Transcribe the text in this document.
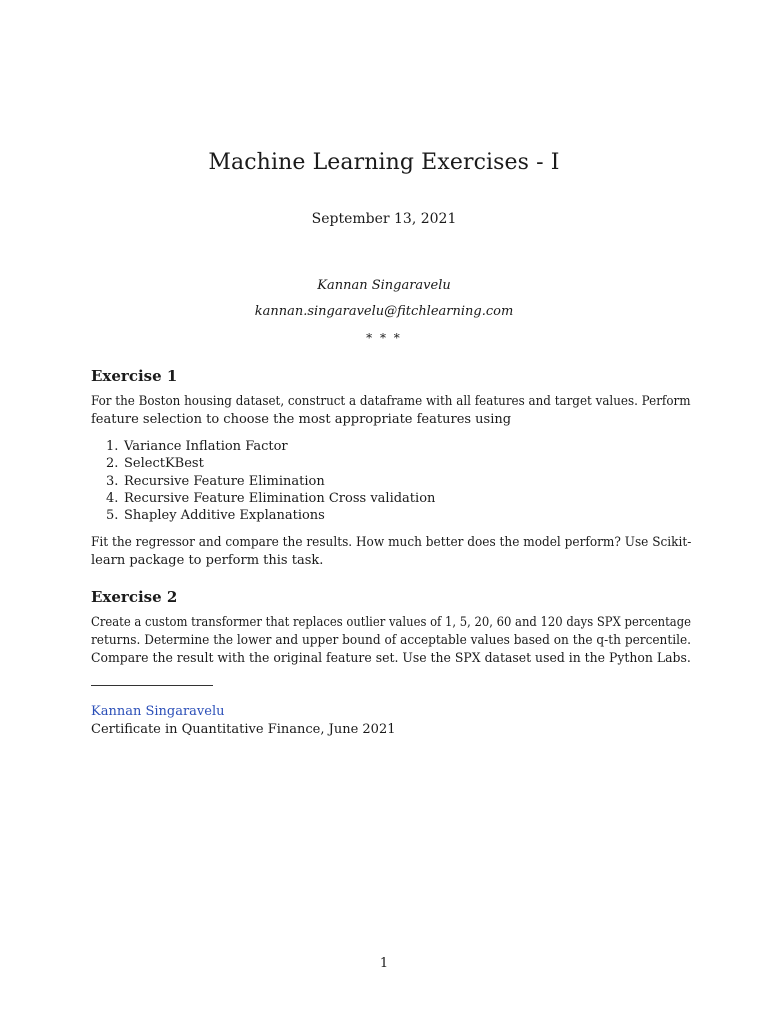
Machine Learning Exercises - I
September 13, 2021
Kannan Singaravelu
kannan.singaravelu@fitchlearning.com
* * *
Exercise 1
For the Boston housing dataset, construct a dataframe with all features and target values. Perform
feature selection to choose the most appropriate features using
1. Variance Inflation Factor
2. SelectKBest
3. Recursive Feature Elimination
4. Recursive Feature Elimination Cross validation
5. Shapley Additive Explanations
Fit the regressor and compare the results. How much better does the model perform? Use Scikit-
learn package to perform this task.
Exercise 2
Create a custom transformer that replaces outlier values of 1, 5, 20, 60 and 120 days SPX percentage
returns. Determine the lower and upper bound of acceptable values based on the q-th percentile.
Compare the result with the original feature set. Use the SPX dataset used in the Python Labs.
Kannan Singaravelu
Certificate in Quantitative Finance, June 2021
1
